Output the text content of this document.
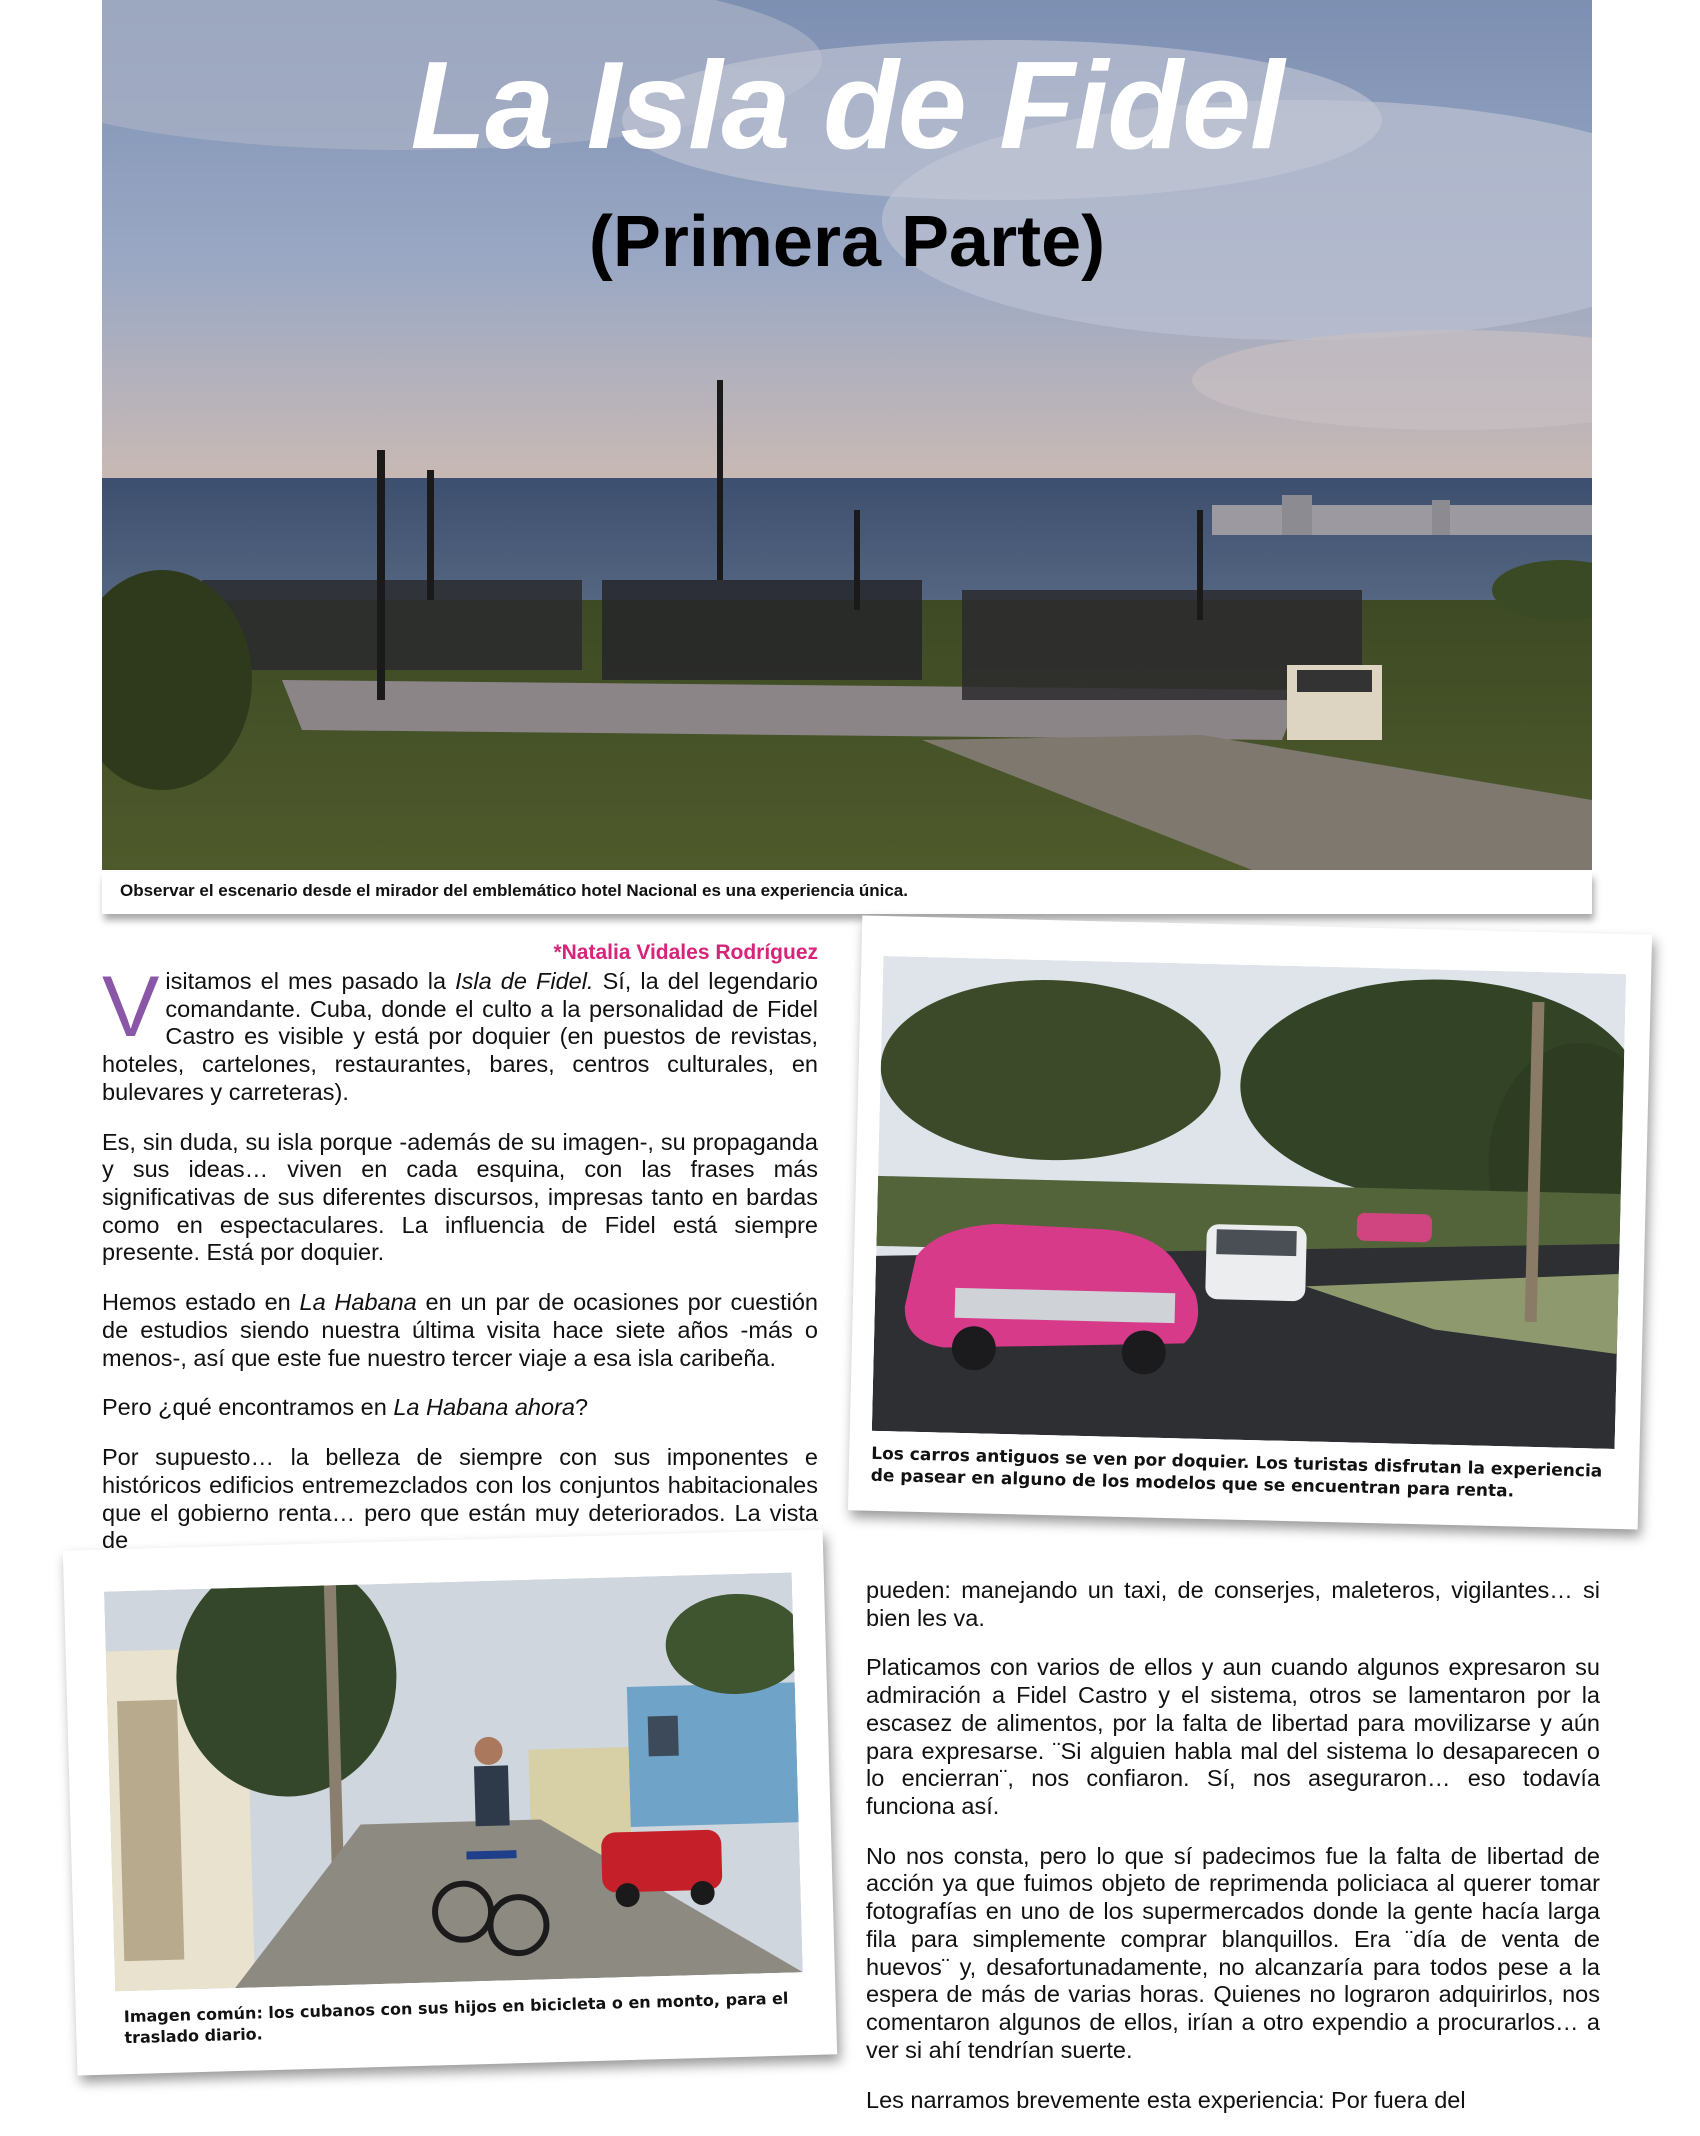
La Isla de Fidel
(Primera Parte)
Observar el escenario desde el mirador del emblemático hotel Nacional es una experiencia única.
Los carros antiguos se ven por doquier. Los turistas disfrutan la experiencia de pasear en alguno de los modelos que se encuentran para renta.
Imagen común: los cubanos con sus hijos en bicicleta o en monto, para el traslado diario.
*Natalia Vidales Rodríguez

Visitamos el mes pasado la Isla de Fidel. Sí, la del legendario comandante. Cuba, donde el culto a la personalidad de Fidel Castro es visible y está por doquier (en puestos de revistas, hoteles, cartelones, restaurantes, bares, centros culturales, en bulevares y carreteras).

Es, sin duda, su isla porque -además de su imagen-, su propaganda y sus ideas… viven en cada esquina, con las frases más significativas de sus diferentes discursos, impresas tanto en bardas como en espectaculares. La influencia de Fidel está siempre presente. Está por doquier.

Hemos estado en La Habana en un par de ocasiones por cuestión de estudios siendo nuestra última visita hace siete años -más o menos-, así que este fue nuestro tercer viaje a esa isla caribeña.

Pero ¿qué encontramos en La Habana ahora?

Por supuesto… la belleza de siempre con sus imponentes e históricos edificios entremezclados con los conjuntos habitacionales que el gobierno renta… pero que están muy deteriorados. La vista de

pueden: manejando un taxi, de conserjes, maleteros, vigilantes… si bien les va.

Platicamos con varios de ellos y aun cuando algunos expresaron su admiración a Fidel Castro y el sistema, otros se lamentaron por la escasez de alimentos, por la falta de libertad para movilizarse y aún para expresarse. ¨Si alguien habla mal del sistema lo desaparecen o lo encierran¨, nos confiaron. Sí, nos aseguraron… eso todavía funciona así.

No nos consta, pero lo que sí padecimos fue la falta de libertad de acción ya que fuimos objeto de reprimenda policiaca al querer tomar fotografías en uno de los supermercados donde la gente hacía larga fila para simplemente comprar blanquillos. Era ¨día de venta de huevos¨ y, desafortunadamente, no alcanzaría para todos pese a la espera de más de varias horas. Quienes no lograron adquirirlos, nos comentaron algunos de ellos, irían a otro expendio a procurarlos… a ver si ahí tendrían suerte.

Les narramos brevemente esta experiencia: Por fuera del
